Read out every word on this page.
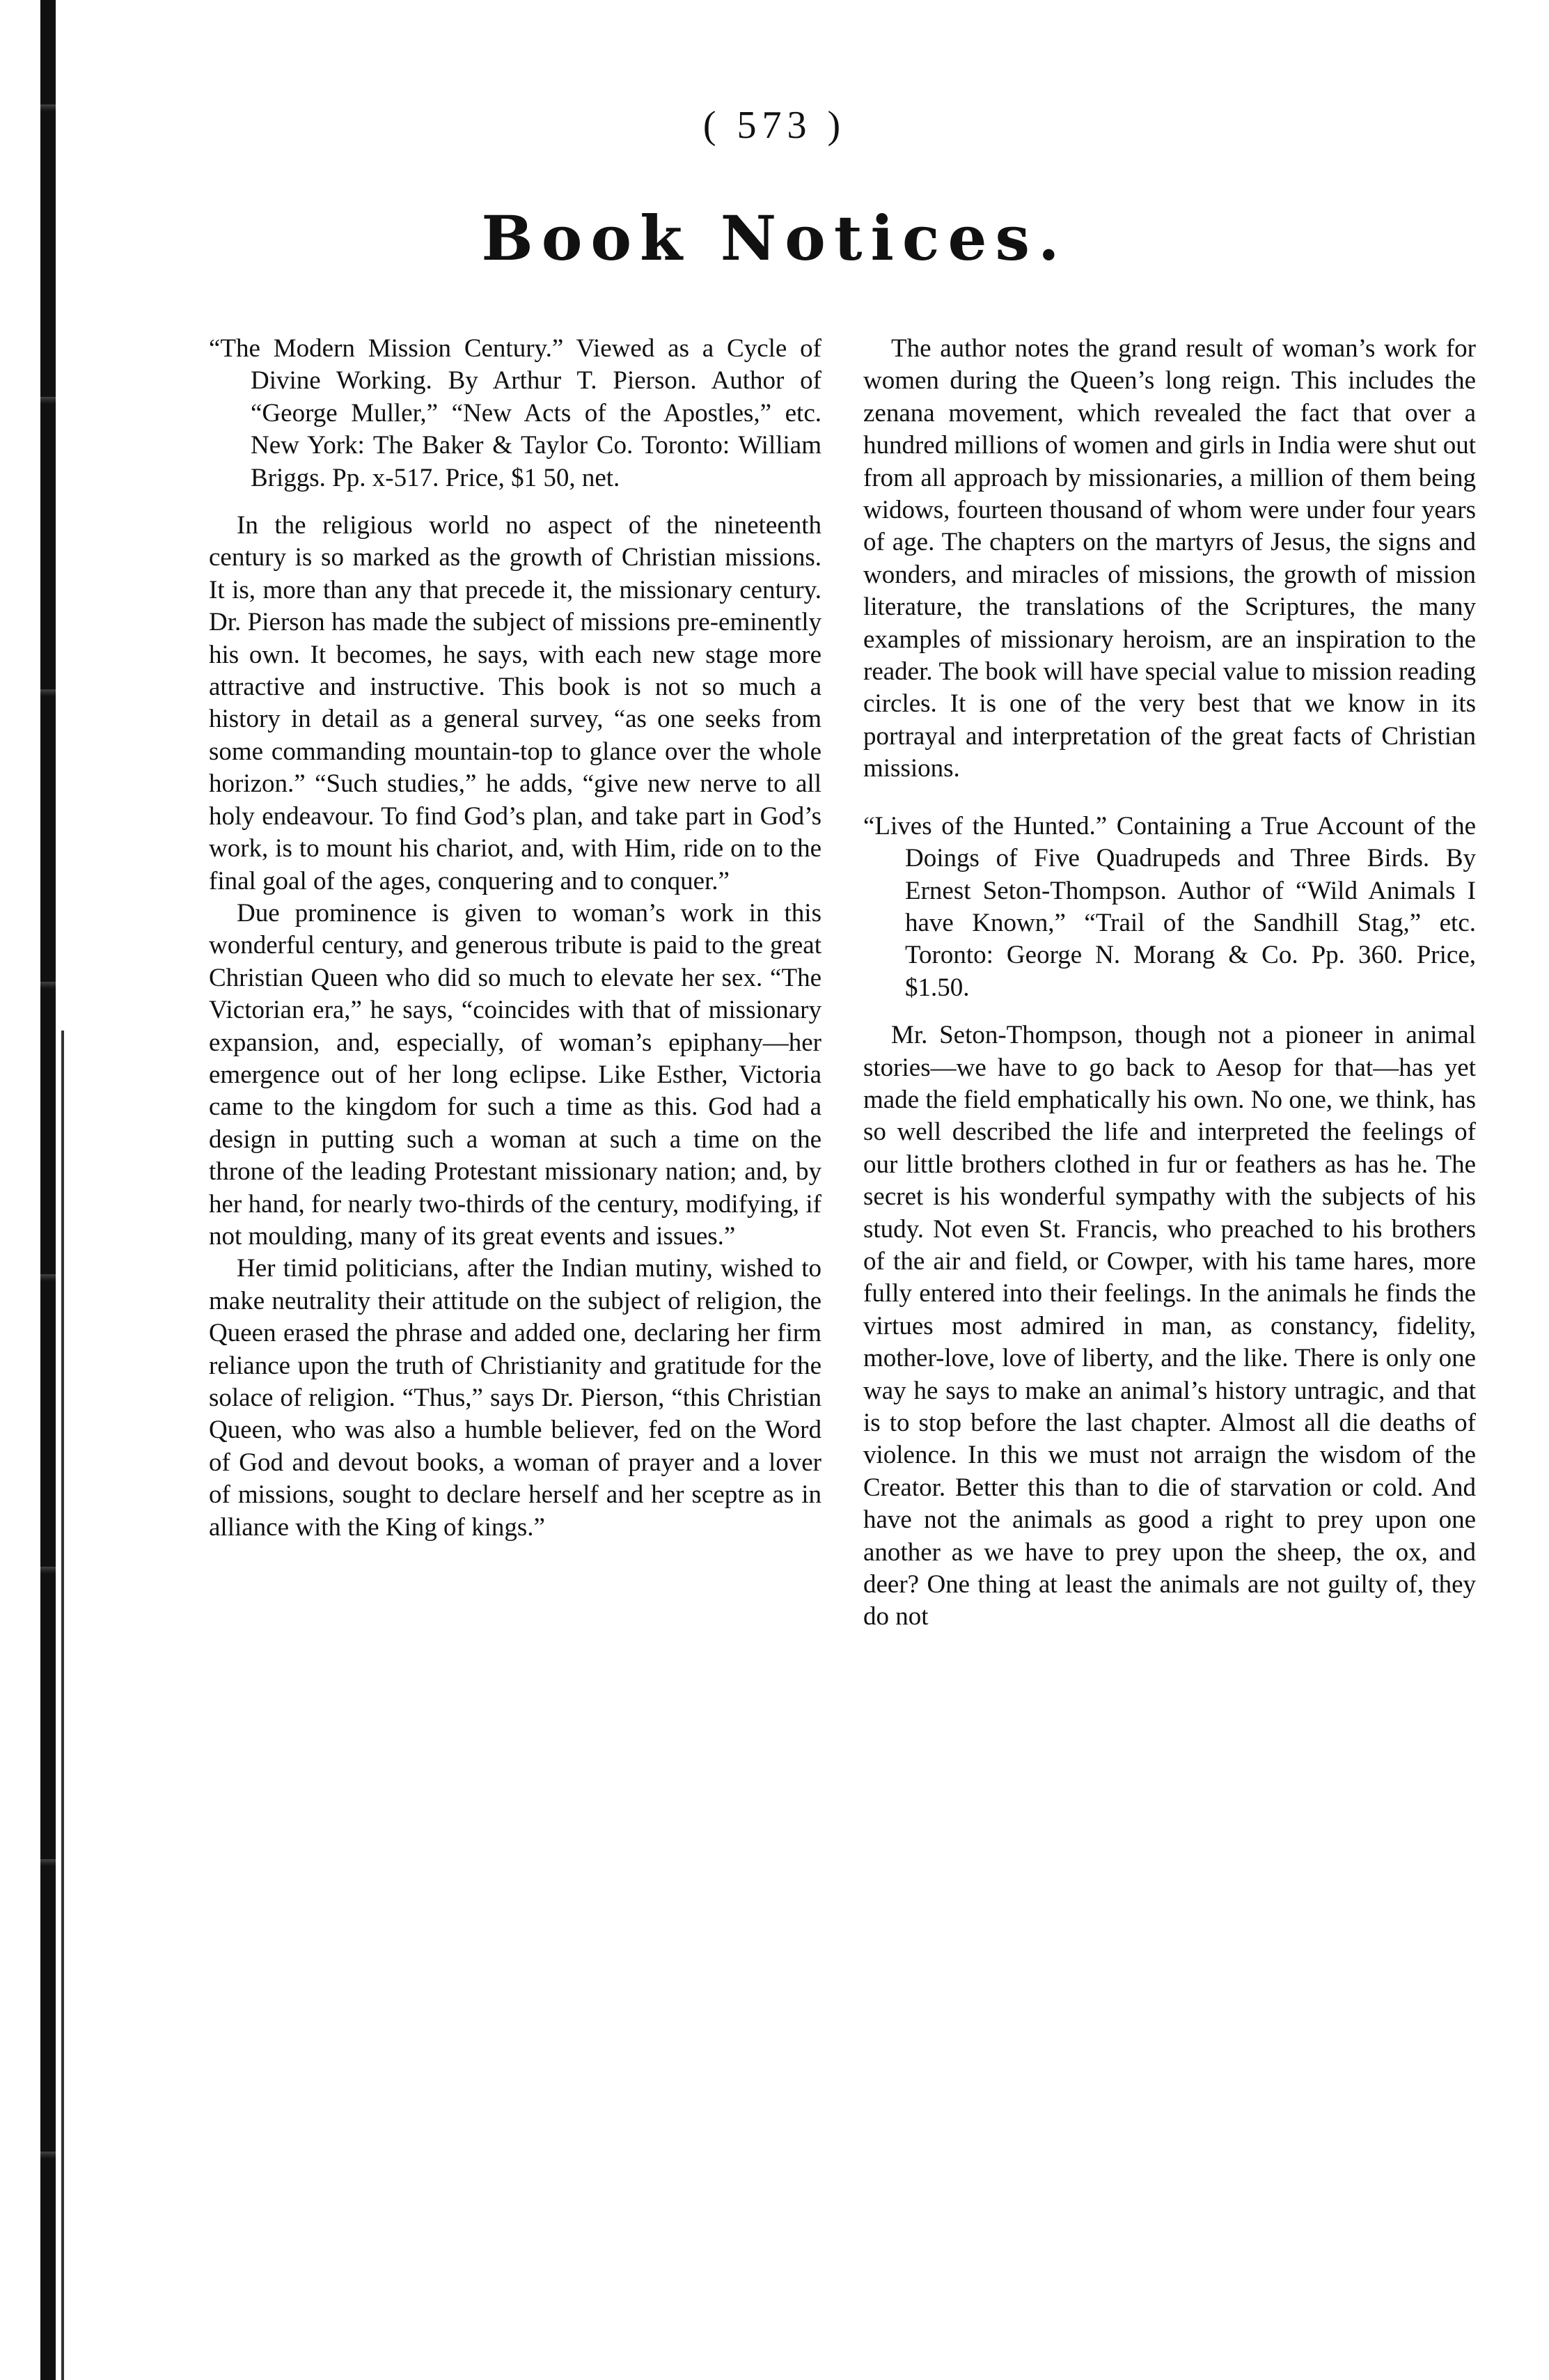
( 573 )
Book Notices.

“The Modern Mission Century.” Viewed as a Cycle of Divine Working. By Arthur T. Pierson. Author of “George Muller,” “New Acts of the Apostles,” etc. New York: The Baker & Taylor Co. Toronto: William Briggs. Pp. x-517. Price, $1 50, net.

In the religious world no aspect of the nineteenth century is so marked as the growth of Christian missions. It is, more than any that precede it, the missionary century. Dr. Pierson has made the subject of missions pre-eminently his own. It becomes, he says, with each new stage more attractive and instructive. This book is not so much a history in detail as a general survey, “as one seeks from some commanding mountain-top to glance over the whole horizon.” “Such studies,” he adds, “give new nerve to all holy endeavour. To find God’s plan, and take part in God’s work, is to mount his chariot, and, with Him, ride on to the final goal of the ages, conquering and to conquer.”

Due prominence is given to woman’s work in this wonderful century, and generous tribute is paid to the great Christian Queen who did so much to elevate her sex. “The Victorian era,” he says, “coincides with that of missionary expansion, and, especially, of woman’s epiphany—her emergence out of her long eclipse. Like Esther, Victoria came to the kingdom for such a time as this. God had a design in putting such a woman at such a time on the throne of the leading Protestant missionary nation; and, by her hand, for nearly two-thirds of the century, modifying, if not moulding, many of its great events and issues.”

Her timid politicians, after the Indian mutiny, wished to make neutrality their attitude on the subject of religion, the Queen erased the phrase and added one, declaring her firm reliance upon the truth of Christianity and gratitude for the solace of religion. “Thus,” says Dr. Pierson, “this Christian Queen, who was also a humble believer, fed on the Word of God and devout books, a woman of prayer and a lover of missions, sought to declare herself and her sceptre as in alliance with the King of kings.”

The author notes the grand result of woman’s work for women during the Queen’s long reign. This includes the zenana movement, which revealed the fact that over a hundred millions of women and girls in India were shut out from all approach by missionaries, a million of them being widows, fourteen thousand of whom were under four years of age. The chapters on the martyrs of Jesus, the signs and wonders, and miracles of missions, the growth of mission literature, the translations of the Scriptures, the many examples of missionary heroism, are an inspiration to the reader. The book will have special value to mission reading circles. It is one of the very best that we know in its portrayal and interpretation of the great facts of Christian missions.

“Lives of the Hunted.” Containing a True Account of the Doings of Five Quadrupeds and Three Birds. By Ernest Seton-Thompson. Author of “Wild Animals I have Known,” “Trail of the Sandhill Stag,” etc. Toronto: George N. Morang & Co. Pp. 360. Price, $1.50.

Mr. Seton-Thompson, though not a pioneer in animal stories—we have to go back to Aesop for that—has yet made the field emphatically his own. No one, we think, has so well described the life and interpreted the feelings of our little brothers clothed in fur or feathers as has he. The secret is his wonderful sympathy with the subjects of his study. Not even St. Francis, who preached to his brothers of the air and field, or Cowper, with his tame hares, more fully entered into their feelings. In the animals he finds the virtues most admired in man, as constancy, fidelity, mother-love, love of liberty, and the like. There is only one way he says to make an animal’s history untragic, and that is to stop before the last chapter. Almost all die deaths of violence. In this we must not arraign the wisdom of the Creator. Better this than to die of starvation or cold. And have not the animals as good a right to prey upon one another as we have to prey upon the sheep, the ox, and deer? One thing at least the animals are not guilty of, they do not
